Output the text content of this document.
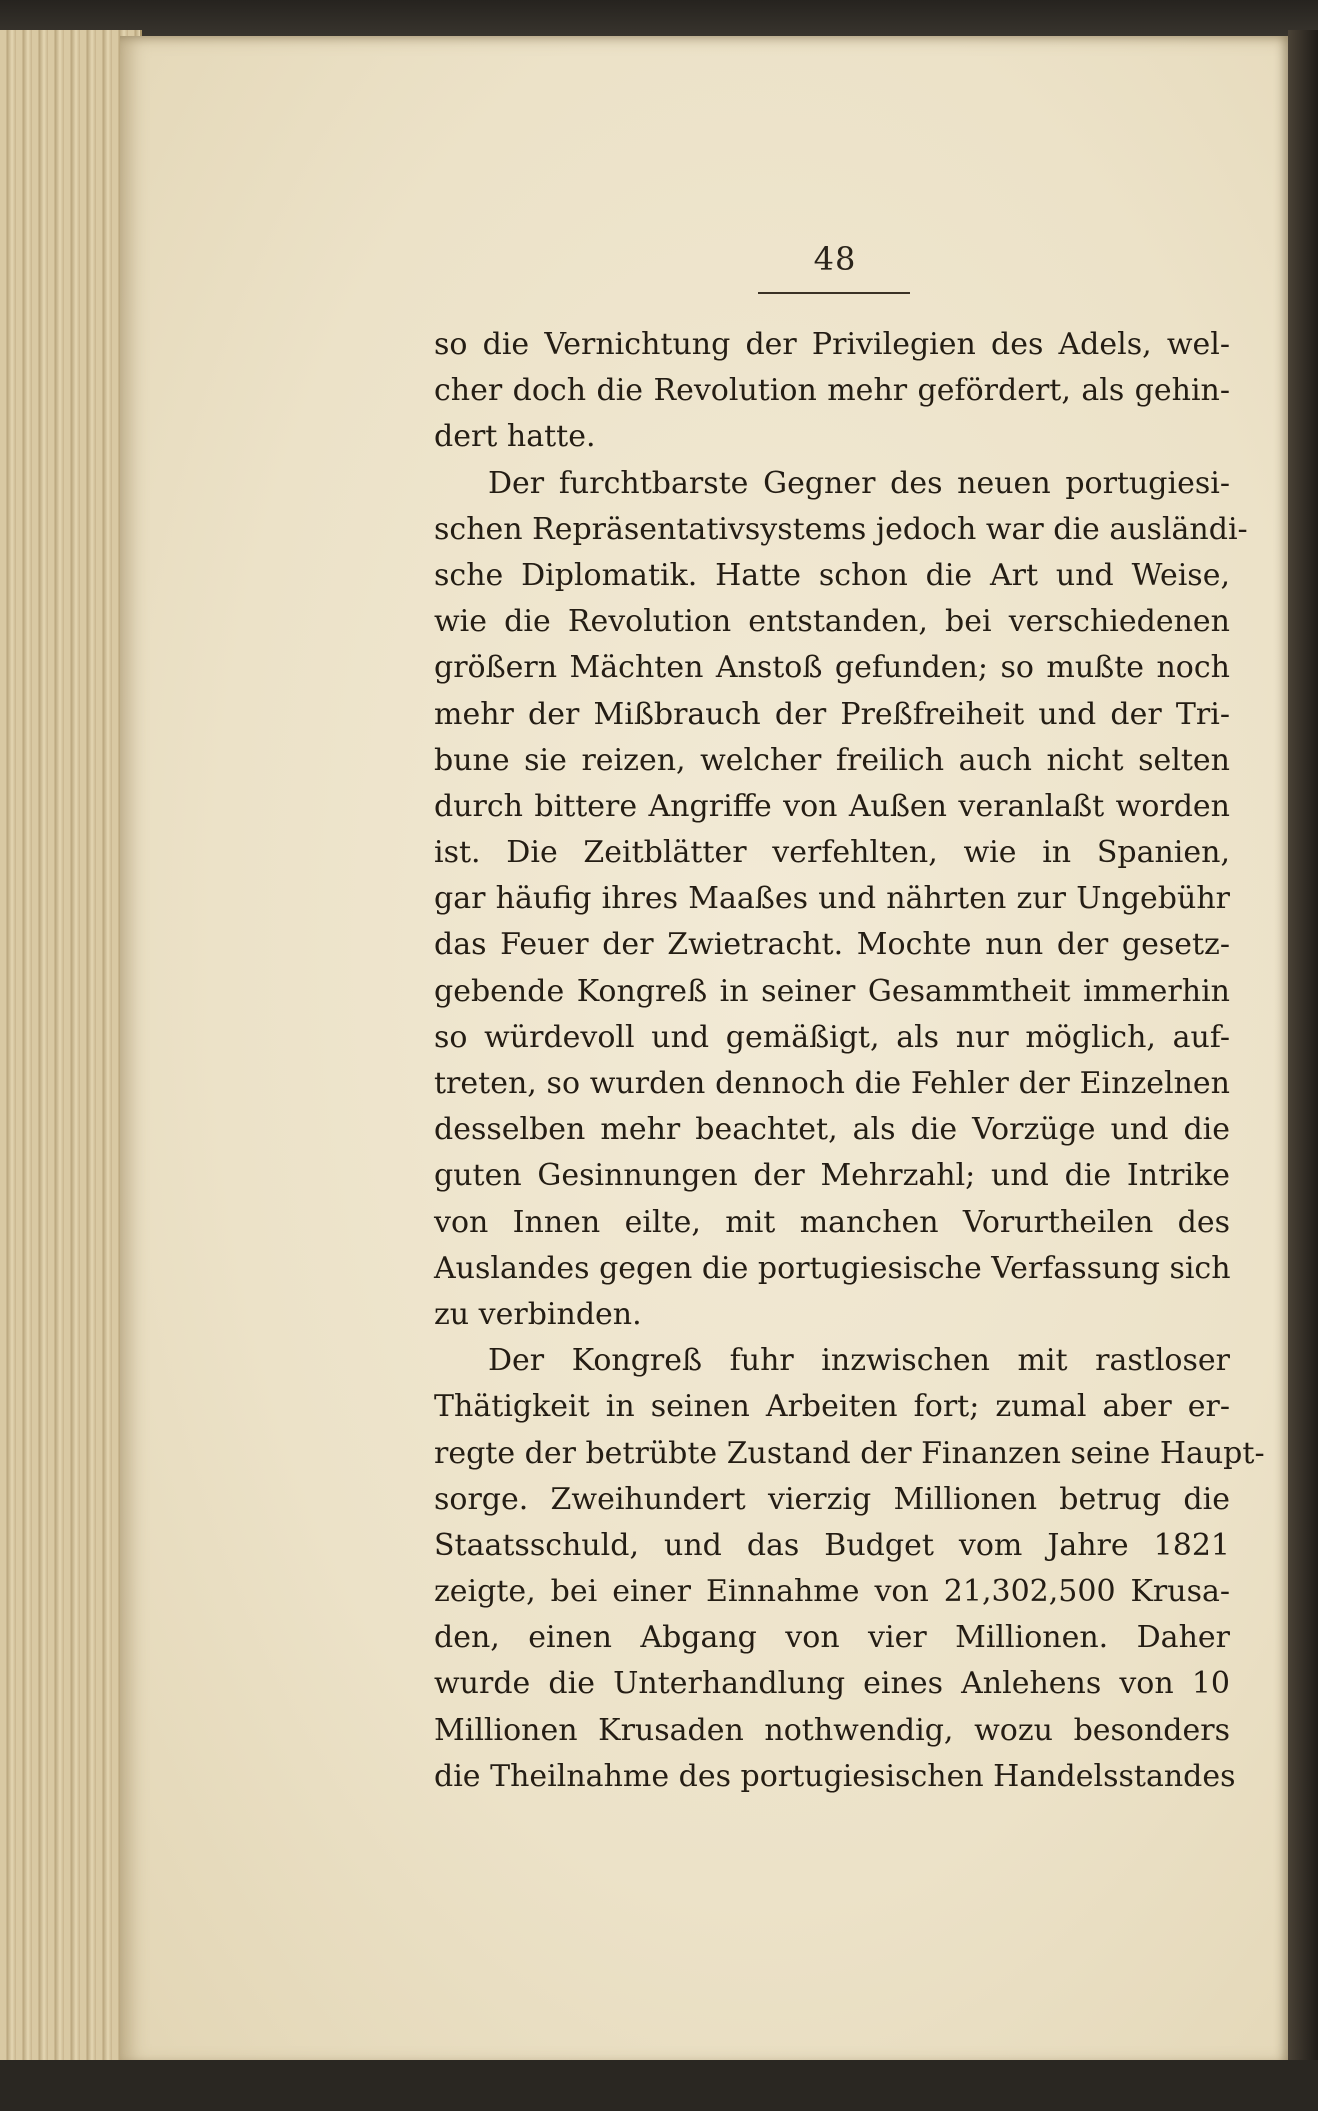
48
so die Vernichtung der Privilegien des Adels, wel-
cher doch die Revolution mehr gefördert, als gehin-
dert hatte.
Der furchtbarste Gegner des neuen portugiesi-
schen Repräsentativsystems jedoch war die ausländi-
sche Diplomatik. Hatte schon die Art und Weise,
wie die Revolution entstanden, bei verschiedenen
größern Mächten Anstoß gefunden; so mußte noch
mehr der Mißbrauch der Preßfreiheit und der Tri-
bune sie reizen, welcher freilich auch nicht selten
durch bittere Angriffe von Außen veranlaßt worden
ist. Die Zeitblätter verfehlten, wie in Spanien,
gar häufig ihres Maaßes und nährten zur Ungebühr
das Feuer der Zwietracht. Mochte nun der gesetz-
gebende Kongreß in seiner Gesammtheit immerhin
so würdevoll und gemäßigt, als nur möglich, auf-
treten, so wurden dennoch die Fehler der Einzelnen
desselben mehr beachtet, als die Vorzüge und die
guten Gesinnungen der Mehrzahl; und die Intrike
von Innen eilte, mit manchen Vorurtheilen des
Auslandes gegen die portugiesische Verfassung sich
zu verbinden.
Der Kongreß fuhr inzwischen mit rastloser
Thätigkeit in seinen Arbeiten fort; zumal aber er-
regte der betrübte Zustand der Finanzen seine Haupt-
sorge. Zweihundert vierzig Millionen betrug die
Staatsschuld, und das Budget vom Jahre 1821
zeigte, bei einer Einnahme von 21,302,500 Krusa-
den, einen Abgang von vier Millionen. Daher
wurde die Unterhandlung eines Anlehens von 10
Millionen Krusaden nothwendig, wozu besonders
die Theilnahme des portugiesischen Handelsstandes
